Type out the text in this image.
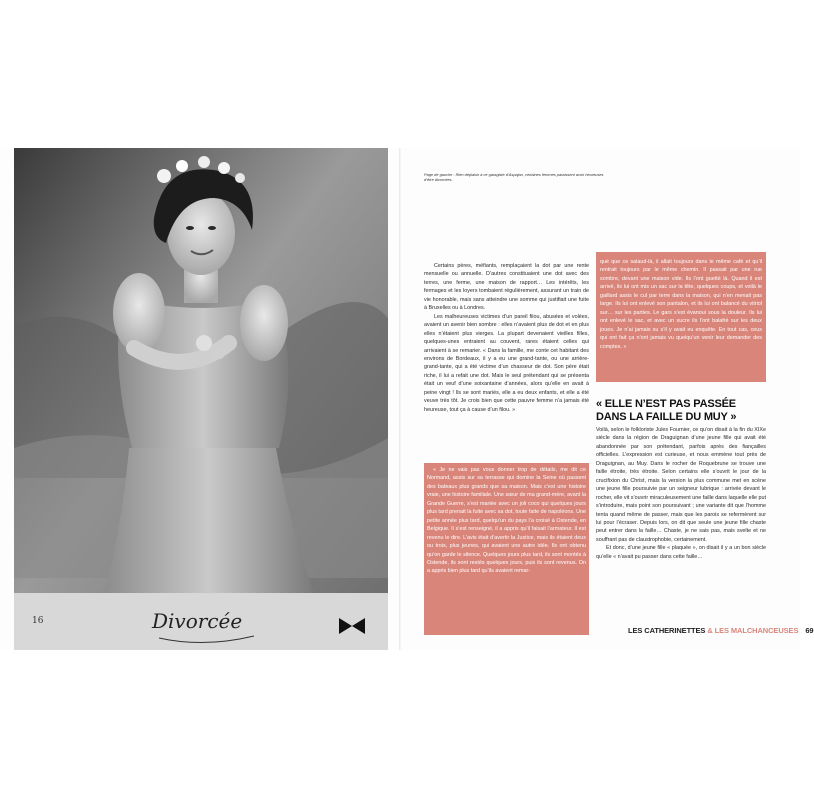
16	Divorcée

Page de gauche : Rien déplaisir à ce garagiste d’Aspajan, certaines femmes paraissent avoir heureuses d’être divorcées.

Certains pères, méfiants, remplaçaient la dot par une rente mensuelle ou annuelle. D’autres constituaient une dot avec des terres, une ferme, une maison de rapport… Les intérêts, les fermages et les loyers tombaient régulièrement, assurant un train de vie honorable, mais sans atteindre une somme qui justifiait une fuite à Bruxelles ou à Londres.

Les malheureuses victimes d’un pareil filou, abusées et volées, avaient un avenir bien sombre : elles n’avaient plus de dot et en plus elles n’étaient plus vierges. La plupart devenaient vieilles filles, quelques-unes entraient au couvent, rares étaient celles qui arrivaient à se remarier. « Dans la famille, me conte cet habitant des environs de Bordeaux, il y a eu une grand-tante, ou une arrière-grand-tante, qui a été victime d’un chasseur de dot. Son père était riche, il lui a refait une dot. Mais le seul prétendant qui se présenta était un veuf d’une soixantaine d’années, alors qu’elle en avait à peine vingt ! Ils se sont mariés, elle a eu deux enfants, et elle a été veuve très tôt. Je crois bien que cette pauvre femme n’a jamais été heureuse, tout ça à cause d’un filou. »

« Je ne vais pas vous donner trop de détails, me dit ce Normand, assis sur sa terrasse qui domine la Seine où passent des bateaux plus grands que sa maison. Mais c’est une histoire vraie, une histoire familiale. Une sœur de ma grand-mère, avant la Grande Guerre, s’est mariée avec un joli coco qui quelques jours plus tard prenait la fuite avec sa dot, toute faite de napoléons. Une petite année plus tard, quelqu’un du pays l’a croisé à Ostende, en Belgique. Il s’est renseigné, il a appris qu’il faisait l’armateur. Il est revenu le dire. L’avis était d’avertir la Justice, mais ils étaient deux ou trois, plus jeunes, qui avaient une autre idée. Ils ont obtenu qu’on garde le silence. Quelques jours plus tard, ils sont montés à Ostende, ils sont restés quelques jours, puis ils sont revenus. On a appris bien plus tard qu’ils avaient remar-

qué que ce salaud-là, il allait toujours dans le même café et qu’il rentrait toujours par le même chemin. Il passait par une rue sombre, devant une maison vide. Ils l’ont guetté là. Quand il est arrivé, ils lui ont mis un sac sur la tête, quelques coups, et voilà le gaillard assis le cul par terre dans la maison, qui n’en menait pas large. Ils lui ont enlevé son pantalon, et ils lui ont balancé du vitriol sur… sur les parties. Le gars s’est évanoui sous la douleur. Ils lui ont enlevé le sac, et avec un sucre ils l’ont balafré sur les deux joues. Je n’ai jamais su s’il y avait eu enquête. En tout cas, ceux qui ont fait ça n’ont jamais vu quelqu’un venir leur demander des comptes. »

« ELLE N’EST PAS PASSÉE
DANS LA FAILLE DU MUY »

Voilà, selon le folkloriste Jules Fournier, ce qu’on disait à la fin du XIXe siècle dans la région de Draguignan d’une jeune fille qui avait été abandonnée par son prétendant, parfois après des fiançailles officielles. L’expression est curieuse, et nous emmène tout près de Draguignan, au Muy. Dans le rocher de Roquebrune se trouve une faille étroite, très étroite. Selon certains elle s’ouvrit le jour de la crucifixion du Christ, mais la version la plus commune met en scène une jeune fille poursuivie par un seigneur lubrique : arrivée devant le rocher, elle vit s’ouvrir miraculeusement une faille dans laquelle elle put s’introduire, mais point son poursuivant ; une variante dit que l’homme tenta quand même de passer, mais que les parois se refermèrent sur lui pour l’écraser. Depuis lors, on dit que seule une jeune fille chaste peut entrer dans la faille… Chaste, je ne sais pas, mais svelte et ne souffrant pas de claustrophobie, certainement.

Et donc, d’une jeune fille « plaquée », on disait il y a un bon siècle qu’elle « n’avait pu passer dans cette faille…

LES CATHERINETTES & LES MALCHANCEUSES 69
